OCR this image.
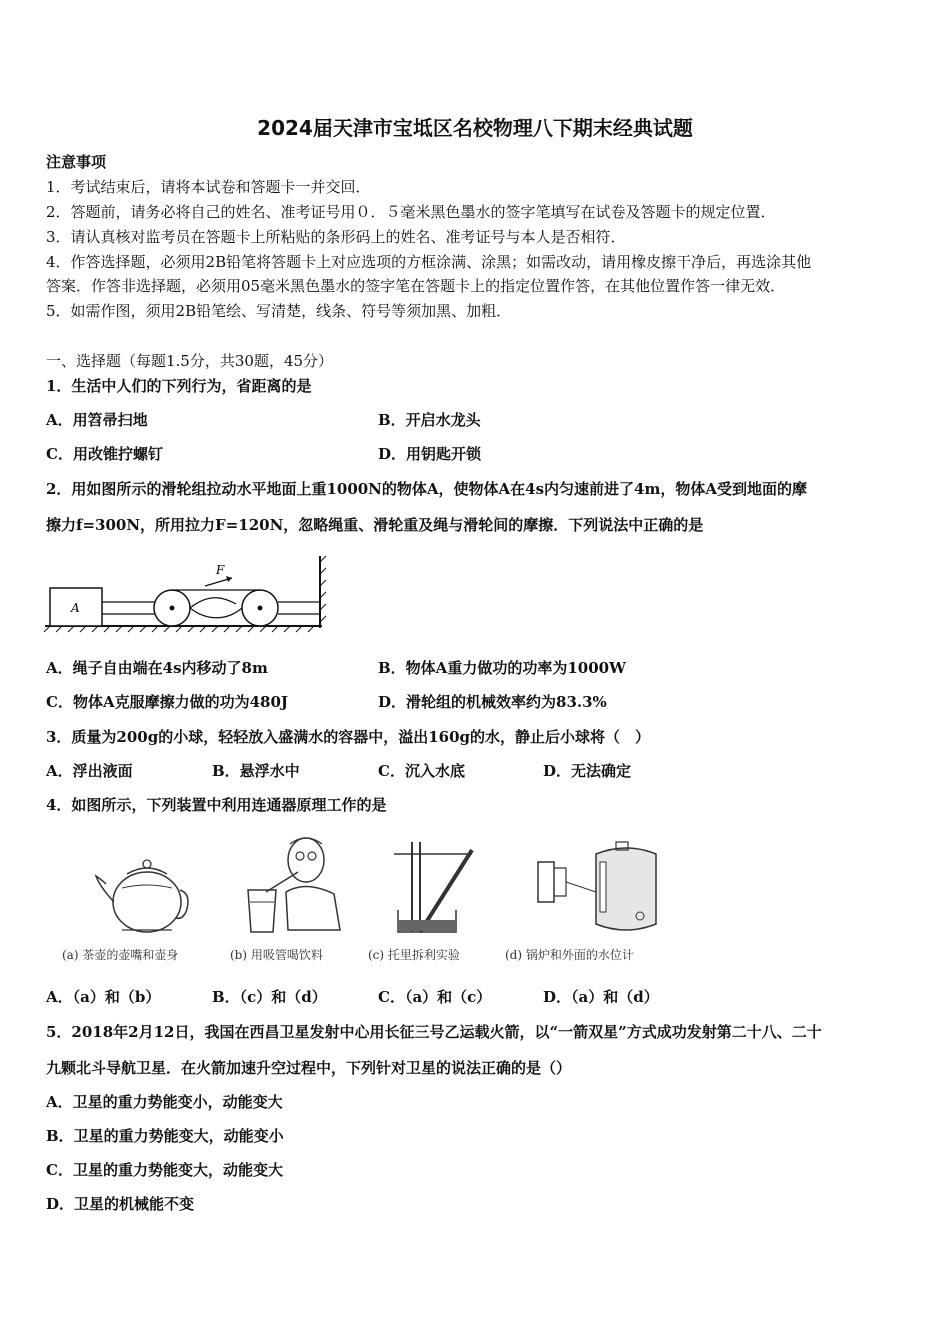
2024届天津市宝坻区名校物理八下期末经典试题
注意事项
1．考试结束后，请将本试卷和答题卡一并交回．
2．答题前，请务必将自己的姓名、准考证号用０．５毫米黑色墨水的签字笔填写在试卷及答题卡的规定位置．
3．请认真核对监考员在答题卡上所粘贴的条形码上的姓名、准考证号与本人是否相符．
4．作答选择题，必须用2B铅笔将答题卡上对应选项的方框涂满、涂黑；如需改动，请用橡皮擦干净后，再选涂其他
答案．作答非选择题，必须用05毫米黑色墨水的签字笔在答题卡上的指定位置作答，在其他位置作答一律无效．
5．如需作图，须用2B铅笔绘、写清楚，线条、符号等须加黑、加粗．
一、选择题（每题1.5分，共30题，45分）
1．生活中人们的下列行为，省距离的是
A．用笤帚扫地	B．开启水龙头
C．用改锥拧螺钉	D．用钥匙开锁
2．用如图所示的滑轮组拉动水平地面上重1000N的物体A，使物体A在4s内匀速前进了4m，物体A受到地面的摩
擦力f=300N，所用拉力F=120N，忽略绳重、滑轮重及绳与滑轮间的摩擦．下列说法中正确的是
A
F
A．绳子自由端在4s内移动了8m	B．物体A重力做功的功率为1000W
C．物体A克服摩擦力做的功为480J	D．滑轮组的机械效率约为83.3%
3．质量为200g的小球，轻轻放入盛满水的容器中，溢出160g的水，静止后小球将（　）
A．浮出液面	B．悬浮水中	C．沉入水底	D．无法确定
4．如图所示，下列装置中利用连通器原理工作的是
(a) 茶壶的壶嘴和壶身	(b) 用吸管喝饮料	(c) 托里拆利实验	(d) 锅炉和外面的水位计
A．（a）和（b）	B．（c）和（d）	C．（a）和（c）	D．（a）和（d）
5．2018年2月12日，我国在西昌卫星发射中心用长征三号乙运载火箭，以“一箭双星”方式成功发射第二十八、二十
九颗北斗导航卫星．在火箭加速升空过程中，下列针对卫星的说法正确的是（）
A．卫星的重力势能变小，动能变大
B．卫星的重力势能变大，动能变小
C．卫星的重力势能变大，动能变大
D．卫星的机械能不变
